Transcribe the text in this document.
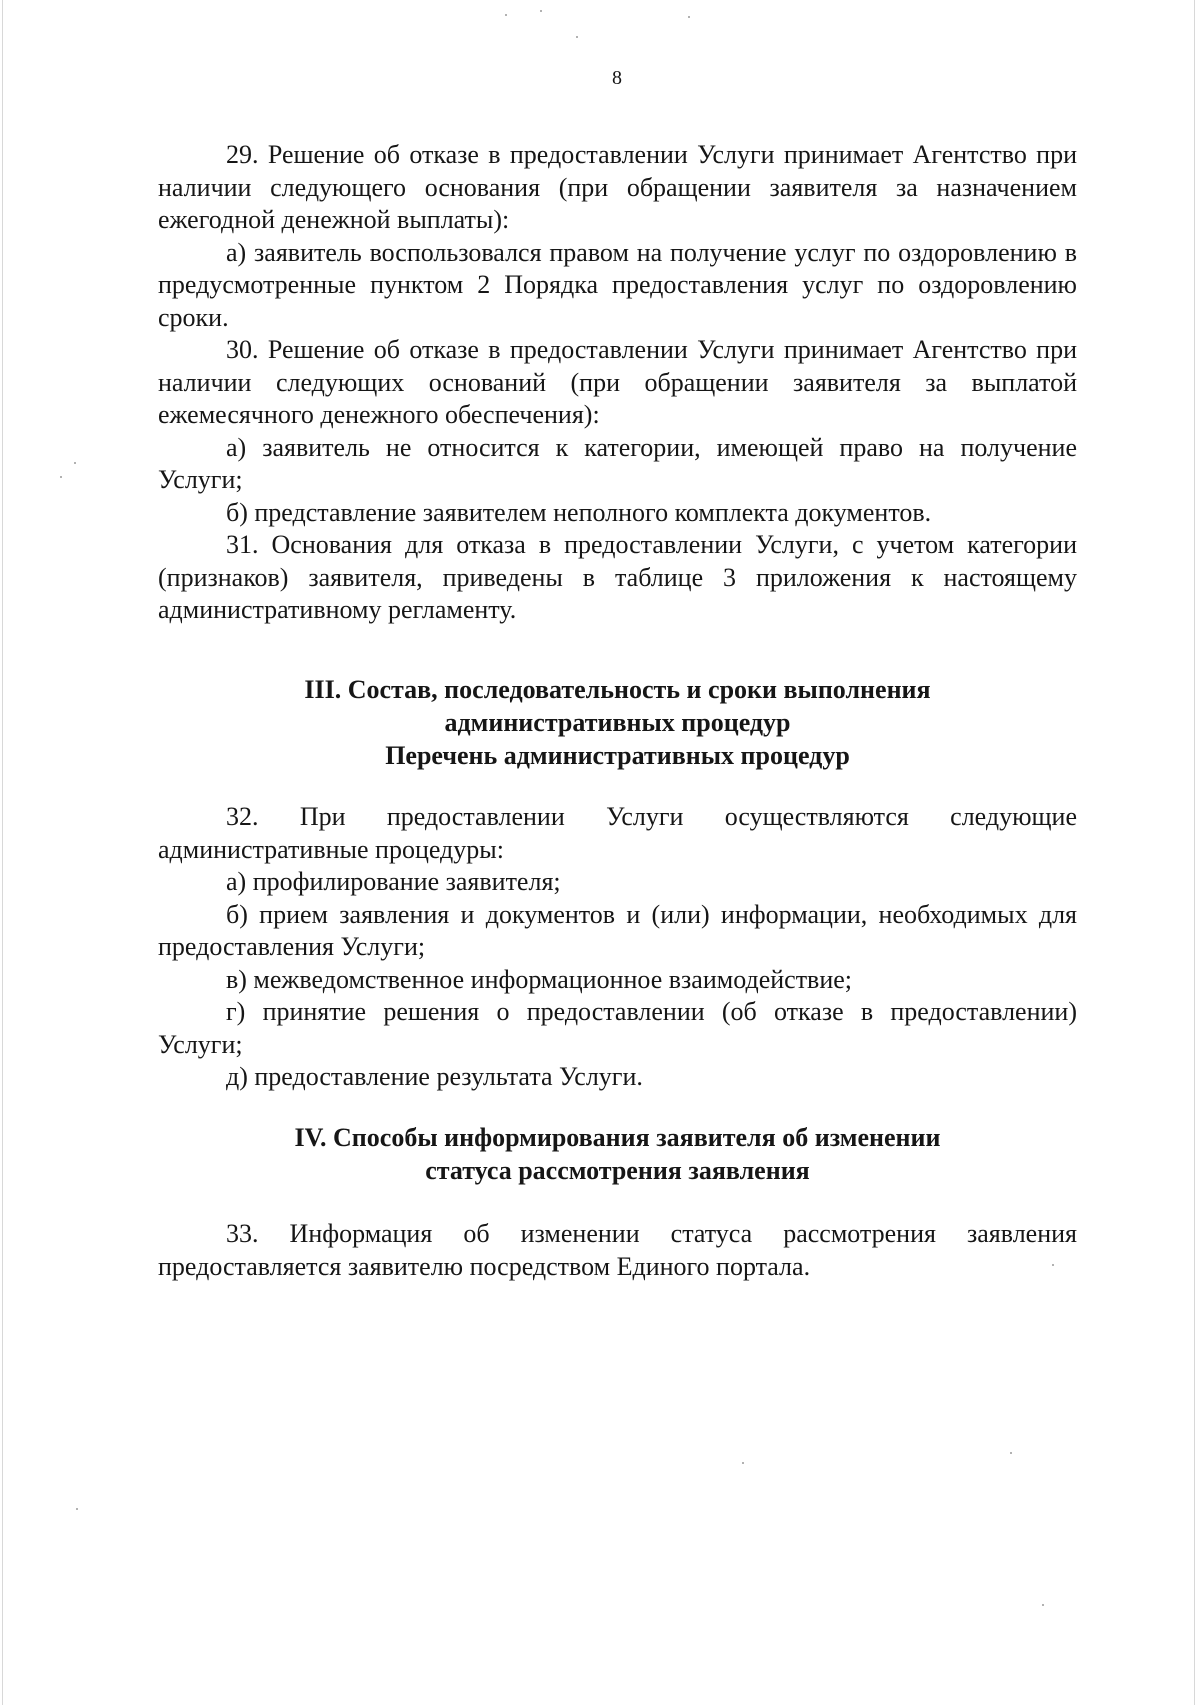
8

29. Решение об отказе в предоставлении Услуги принимает Агентство при наличии следующего основания (при обращении заявителя за назначением ежегодной денежной выплаты):

а) заявитель воспользовался правом на получение услуг по оздоровлению в предусмотренные пунктом 2 Порядка предоставления услуг по оздоровлению сроки.

30. Решение об отказе в предоставлении Услуги принимает Агентство при наличии следующих оснований (при обращении заявителя за выплатой ежемесячного денежного обеспечения):

а) заявитель не относится к категории, имеющей право на получение Услуги;

б) представление заявителем неполного комплекта документов.

31. Основания для отказа в предоставлении Услуги, с учетом категории (признаков) заявителя, приведены в таблице 3 приложения к настоящему административному регламенту.

III. Состав, последовательность и сроки выполнения
административных процедур
Перечень административных процедур

32. При предоставлении Услуги осуществляются следующие административные процедуры:

а) профилирование заявителя;

б) прием заявления и документов и (или) информации, необходимых для предоставления Услуги;

в) межведомственное информационное взаимодействие;

г) принятие решения о предоставлении (об отказе в предоставлении) Услуги;

д) предоставление результата Услуги.

IV. Способы информирования заявителя об изменении
статуса рассмотрения заявления

33. Информация об изменении статуса рассмотрения заявления предоставляется заявителю посредством Единого портала.
